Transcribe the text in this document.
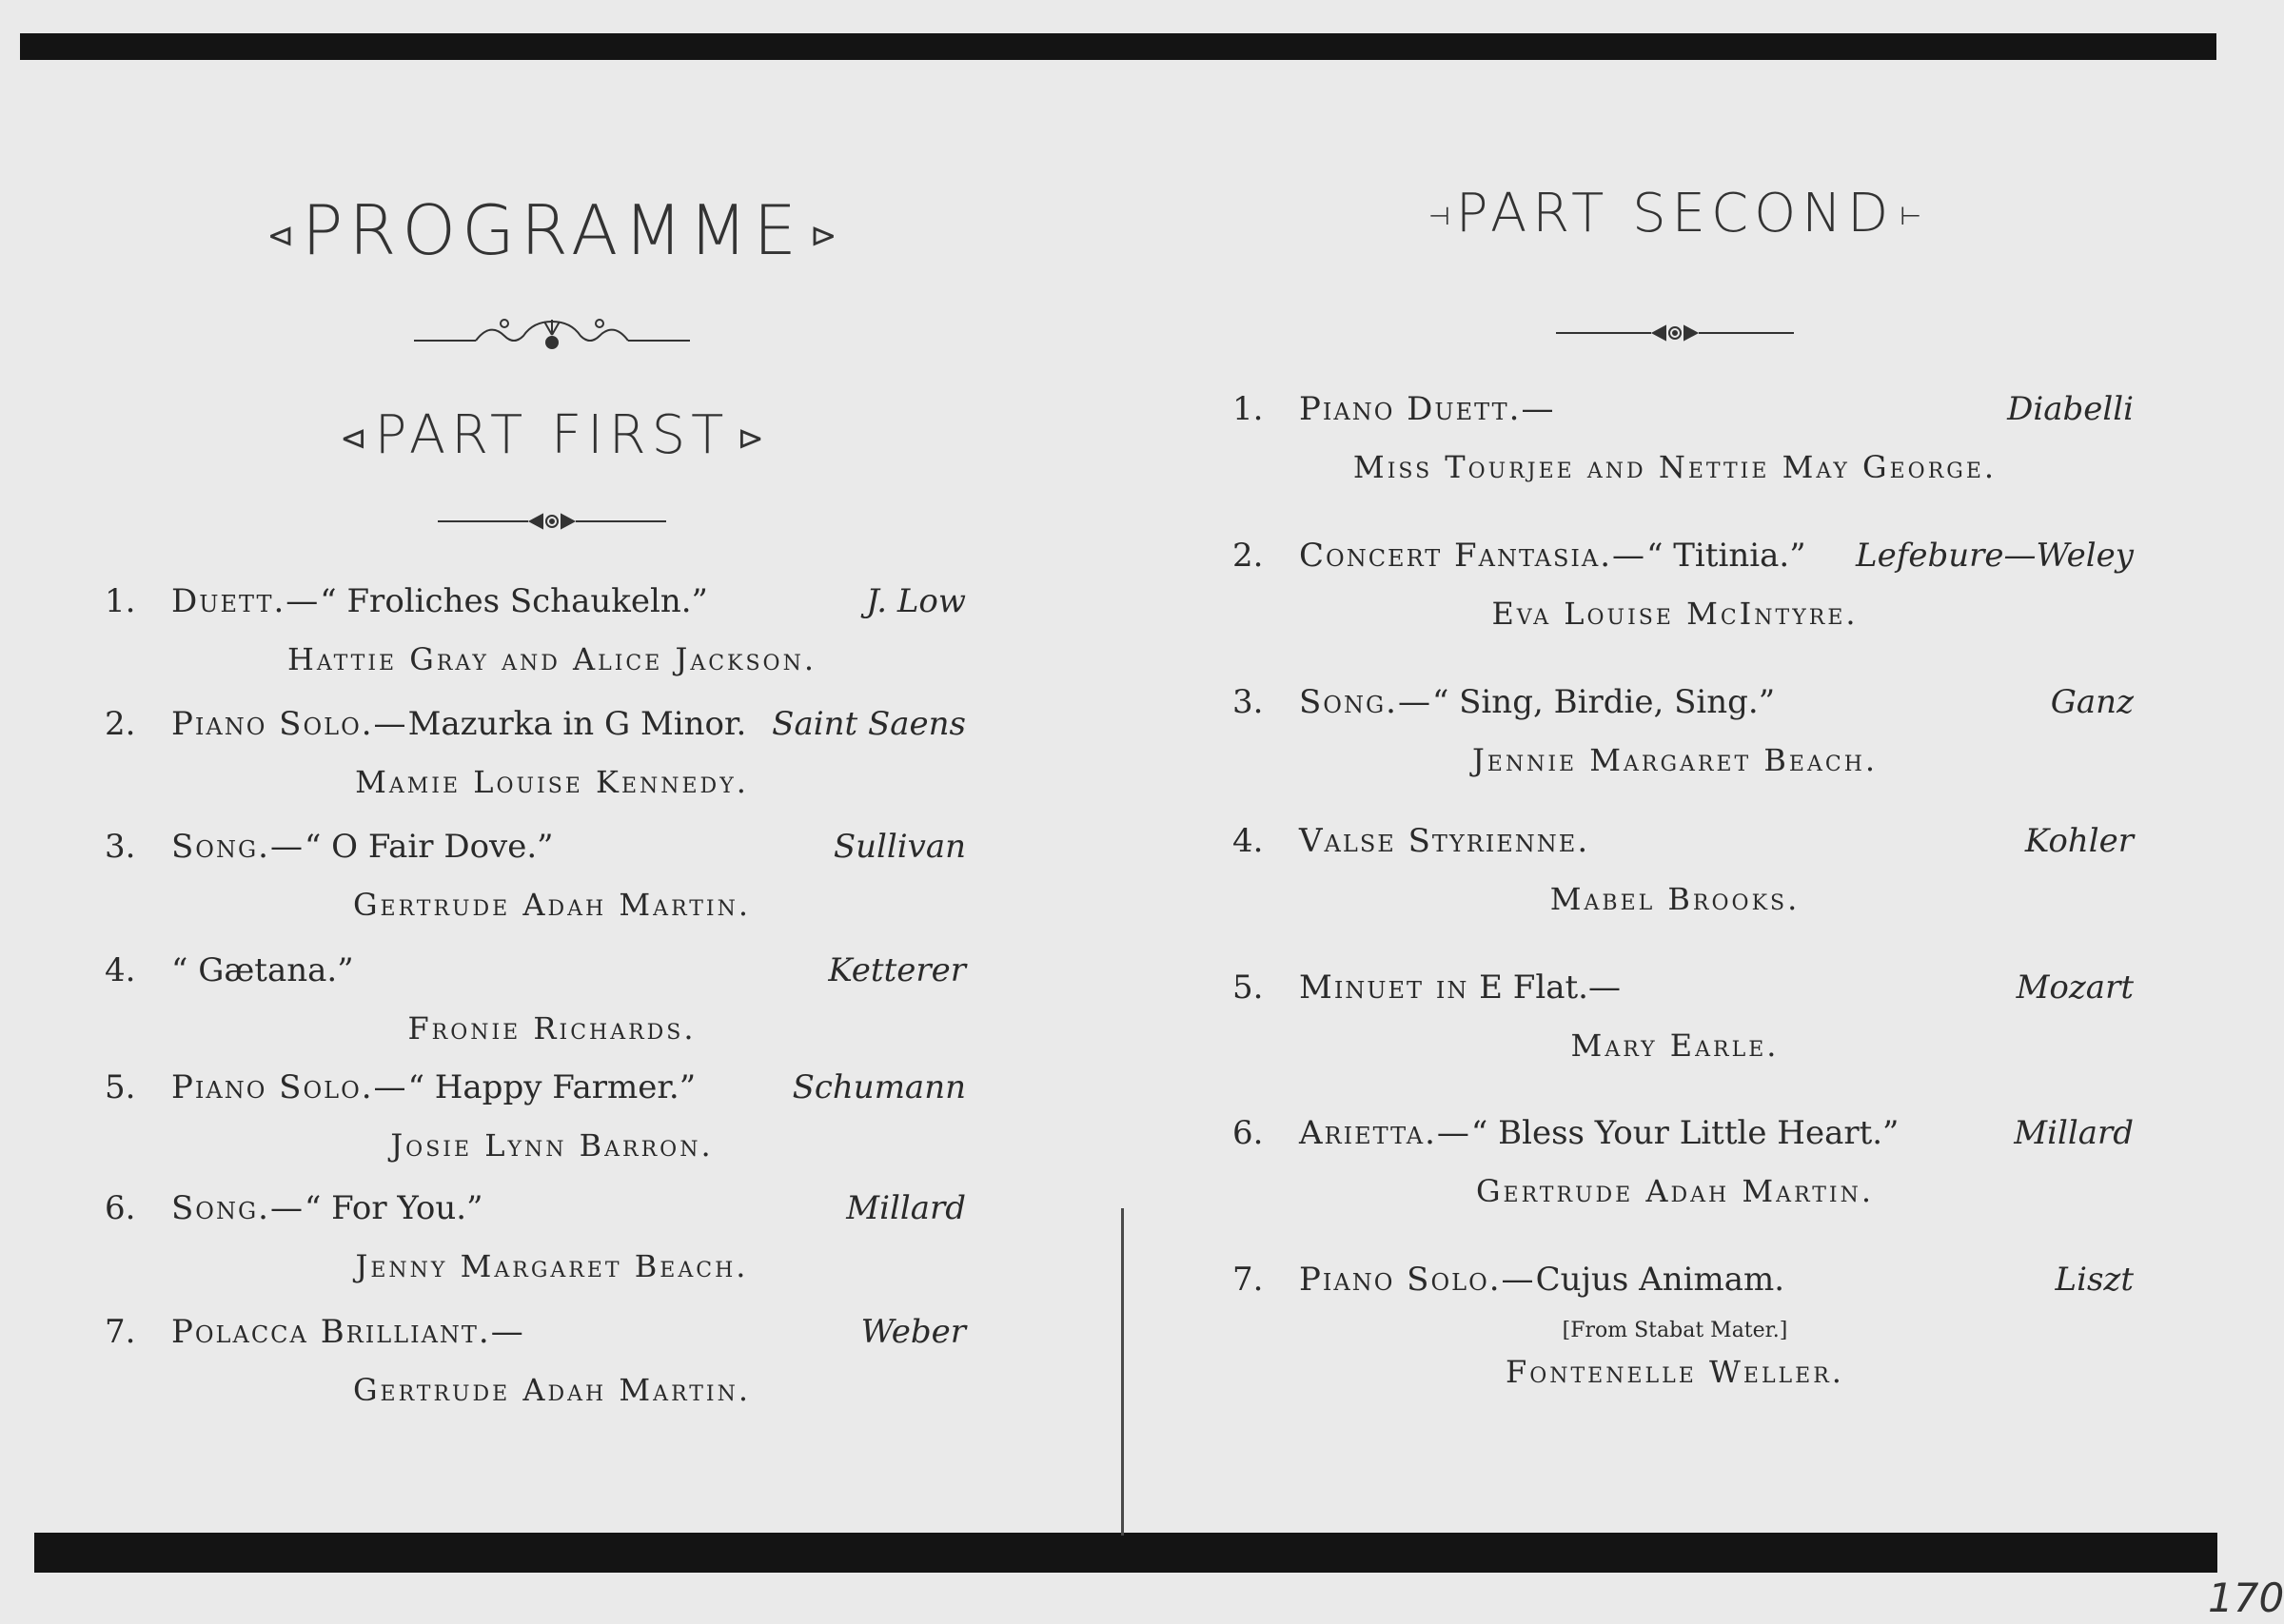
170
⊲ PROGRAMME ⊳
⊲ PART FIRST ⊳
1. Duett.—“ Froliches Schaukeln.”	J. Low
Hattie Gray and Alice Jackson.
2. Piano Solo.—Mazurka in G Minor. Saint Saens
Mamie Louise Kennedy.
3. Song.—“ O Fair Dove.”	Sullivan
Gertrude Adah Martin.
4. “ Gætana.”	Ketterer
Fronie Richards.
5. Piano Solo.—“ Happy Farmer.”	Schumann
Josie Lynn Barron.
6. Song.—“ For You.”	Millard
Jenny Margaret Beach.
7. Polacca Brilliant.—	Weber
Gertrude Adah Martin.
⊣ PART SECOND ⊢
1. Piano Duett.—	Diabelli
Miss Tourjee and Nettie May George.
2. Concert Fantasia.—“ Titinia.” Lefebure—Weley
Eva Louise McIntyre.
3. Song.—“ Sing, Birdie, Sing.”	Ganz
Jennie Margaret Beach.
4. Valse Styrienne.	Kohler
Mabel Brooks.
5. Minuet in E Flat.—	Mozart
Mary Earle.
6. Arietta.—“ Bless Your Little Heart.”	Millard
Gertrude Adah Martin.
7. Piano Solo.—Cujus Animam.	Liszt
[From Stabat Mater.]
Fontenelle Weller.
